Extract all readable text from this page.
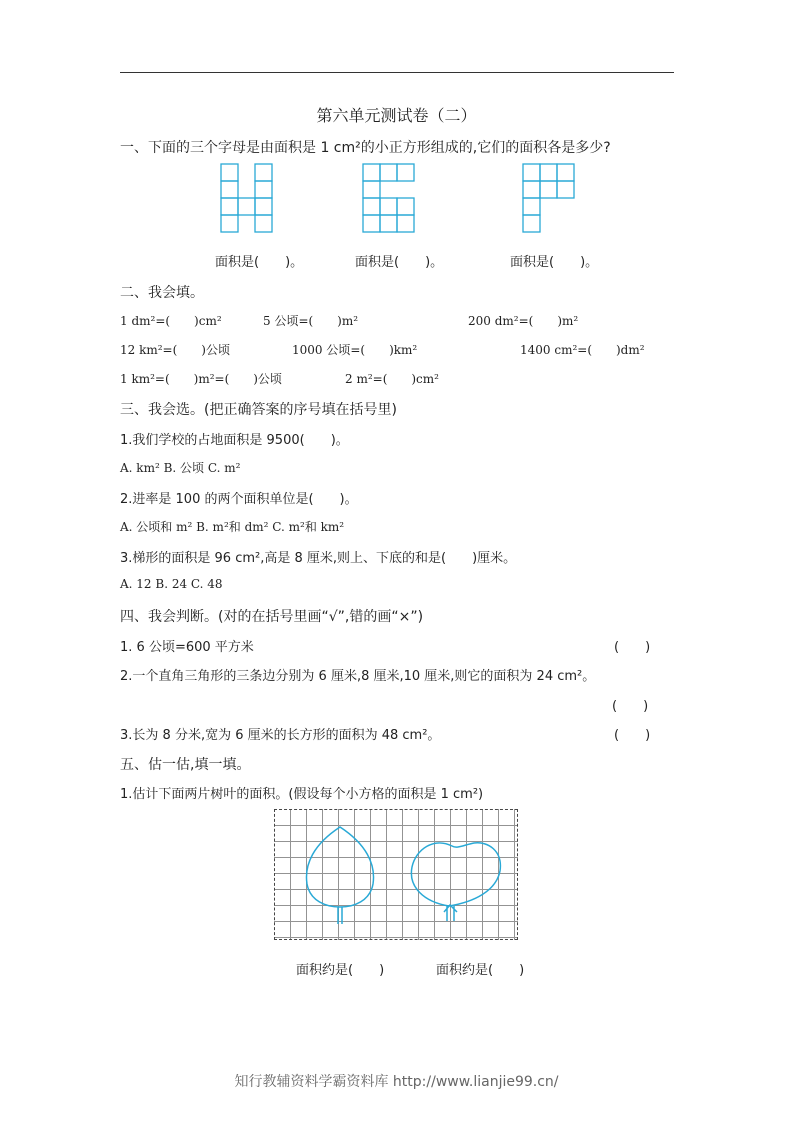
第六单元测试卷（二）
一、下面的三个字母是由面积是 1 cm²的小正方形组成的,它们的面积各是多少?
面积是(　　)。	面积是(　　)。	面积是(　　)。
二、我会填。
1 dm²=(　　)cm²	5 公顷=(　　)m²	200 dm²=(　　)m²
12 km²=(　　)公顷	1000 公顷=(　　)km²	1400 cm²=(　　)dm²
1 km²=(　　)m²=(　　)公顷	2 m²=(　　)cm²
三、我会选。(把正确答案的序号填在括号里)
1.我们学校的占地面积是 9500(　　)。
A. km² B. 公顷 C. m²
2.进率是 100 的两个面积单位是(　　)。
A. 公顷和 m² B. m²和 dm² C. m²和 km²
3.梯形的面积是 96 cm²,高是 8 厘米,则上、下底的和是(　　)厘米。
A. 12 B. 24 C. 48
四、我会判断。(对的在括号里画“√”,错的画“×”)
1. 6 公顷=600 平方米	(　　)
2.一个直角三角形的三条边分别为 6 厘米,8 厘米,10 厘米,则它的面积为 24 cm²。
(　　)
3.长为 8 分米,宽为 6 厘米的长方形的面积为 48 cm²。	(　　)
五、估一估,填一填。
1.估计下面两片树叶的面积。(假设每个小方格的面积是 1 cm²)
面积约是(　　)	面积约是(　　)
知行教辅资料学霸资料库 http://www.lianjie99.cn/
